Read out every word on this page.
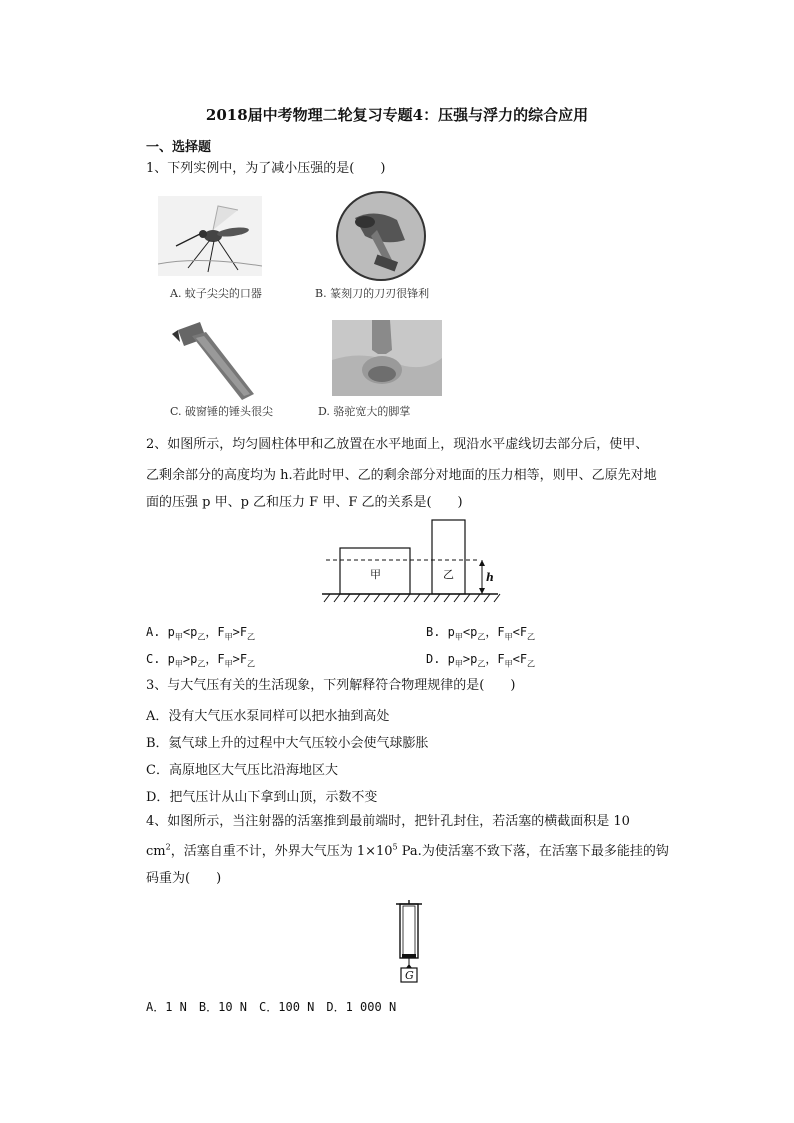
2018届中考物理二轮复习专题4：压强与浮力的综合应用
一、选择题
1、下列实例中，为了减小压强的是(　　)
A. 蚊子尖尖的口器	B. 篆刻刀的刀刃很锋利
C. 破窗锤的锤头很尖	D. 骆驼宽大的脚掌
2、如图所示，均匀圆柱体甲和乙放置在水平地面上，现沿水平虚线切去部分后，使甲、
乙剩余部分的高度均为 h.若此时甲、乙的剩余部分对地面的压力相等，则甲、乙原先对地
面的压强 p 甲、p 乙和压力 F 甲、F 乙的关系是(　　)
甲	乙	h
A. $p_甲<p_乙$，$F_甲>F_乙$	B. $p_甲<p_乙$，$F_甲<F_乙$
C. $p_甲>p_乙$，$F_甲>F_乙$	D. $p_甲>p_乙$，$F_甲<F_乙$
3、与大气压有关的生活现象，下列解释符合物理规律的是(　　)
A．没有大气压水泵同样可以把水抽到高处
B．氦气球上升的过程中大气压较小会使气球膨胀
C．高原地区大气压比沿海地区大
D．把气压计从山下拿到山顶，示数不变
4、如图所示，当注射器的活塞推到最前端时，把针孔封住，若活塞的横截面积是 10
$cm^2$，活塞自重不计，外界大气压为 $1\times 10^5$ Pa.为使活塞不致下落，在活塞下最多能挂的钩
码重为(　　)
G
A．1 N　B．10 N　C．100 N　D．1 000 N
